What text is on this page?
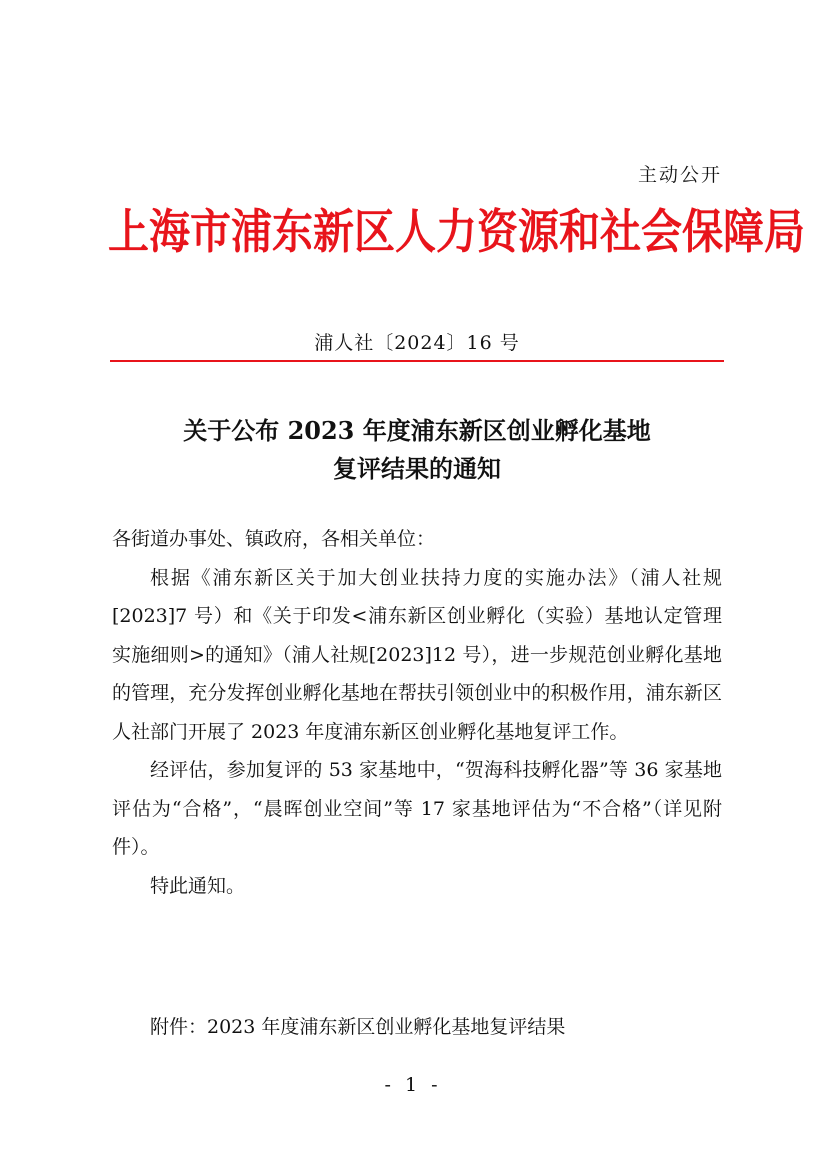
主动公开
上海市浦东新区人力资源和社会保障局
浦人社〔2024〕16 号
关于公布 2023 年度浦东新区创业孵化基地
复评结果的通知

各街道办事处、镇政府，各相关单位：

根据《浦东新区关于加大创业扶持力度的实施办法》（浦人社规[2023]7 号）和《关于印发<浦东新区创业孵化（实验）基地认定管理实施细则>的通知》（浦人社规[2023]12 号），进一步规范创业孵化基地的管理，充分发挥创业孵化基地在帮扶引领创业中的积极作用，浦东新区人社部门开展了 2023 年度浦东新区创业孵化基地复评工作。

经评估，参加复评的 53 家基地中，“贺海科技孵化器”等 36 家基地评估为“合格”，“晨晖创业空间”等 17 家基地评估为“不合格”（详见附件）。

特此通知。

附件：2023 年度浦东新区创业孵化基地复评结果
- 1 -
